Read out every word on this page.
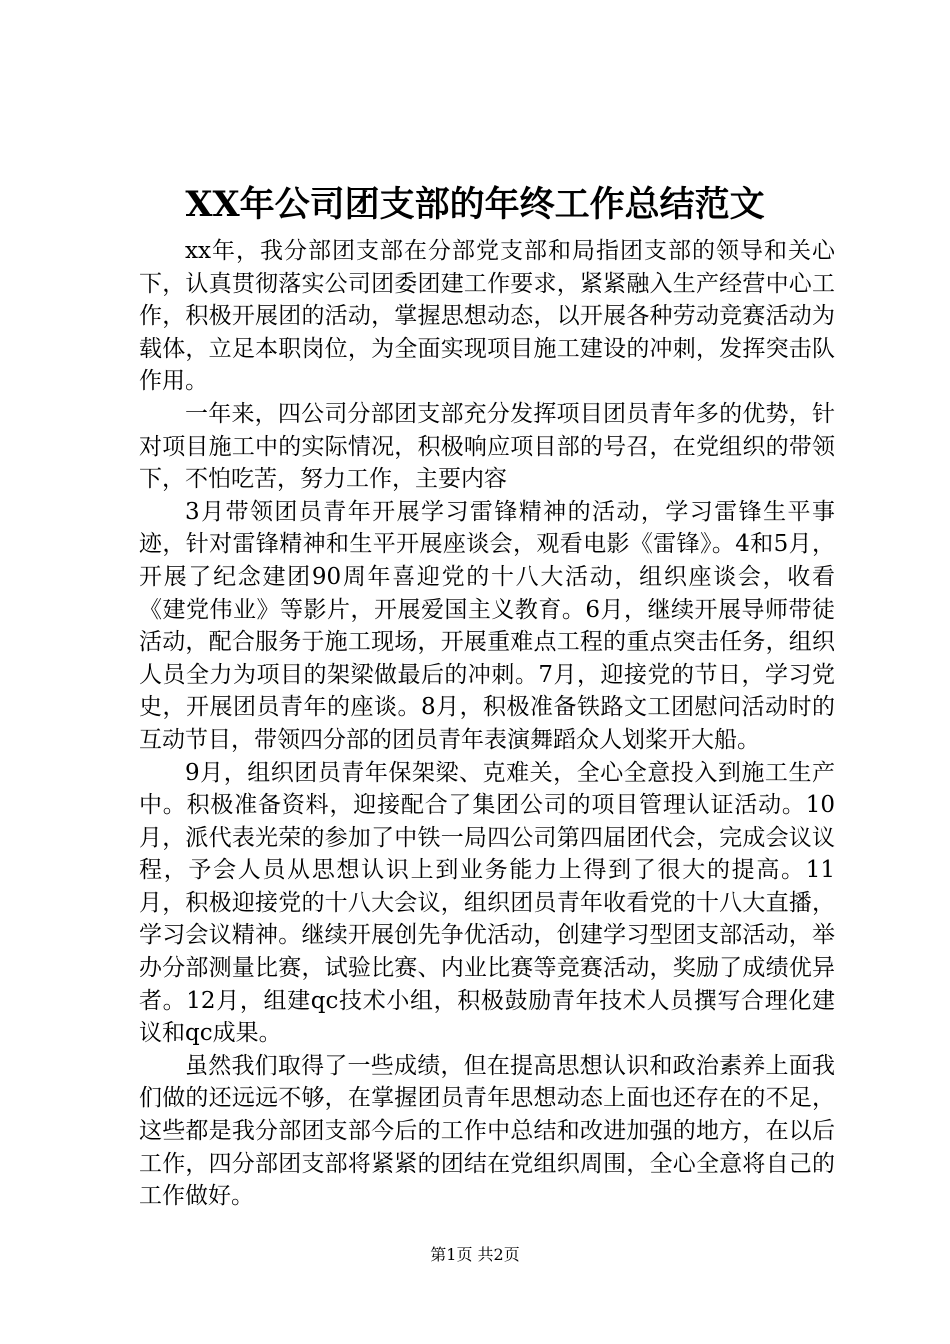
XX年公司团支部的年终工作总结范文

xx年，我分部团支部在分部党支部和局指团支部的领导和关心下，认真贯彻落实公司团委团建工作要求，紧紧融入生产经营中心工作，积极开展团的活动，掌握思想动态，以开展各种劳动竞赛活动为载体，立足本职岗位，为全面实现项目施工建设的冲刺，发挥突击队作用。

一年来，四公司分部团支部充分发挥项目团员青年多的优势，针对项目施工中的实际情况，积极响应项目部的号召，在党组织的带领下，不怕吃苦，努力工作，主要内容

3月带领团员青年开展学习雷锋精神的活动，学习雷锋生平事迹，针对雷锋精神和生平开展座谈会，观看电影《雷锋》。4和5月，开展了纪念建团90周年喜迎党的十八大活动，组织座谈会，收看《建党伟业》等影片，开展爱国主义教育。6月，继续开展导师带徒活动，配合服务于施工现场，开展重难点工程的重点突击任务，组织人员全力为项目的架梁做最后的冲刺。7月，迎接党的节日，学习党史，开展团员青年的座谈。8月，积极准备铁路文工团慰问活动时的互动节目，带领四分部的团员青年表演舞蹈众人划桨开大船。

9月，组织团员青年保架梁、克难关，全心全意投入到施工生产中。积极准备资料，迎接配合了集团公司的项目管理认证活动。10月，派代表光荣的参加了中铁一局四公司第四届团代会，完成会议议程，予会人员从思想认识上到业务能力上得到了很大的提高。11月，积极迎接党的十八大会议，组织团员青年收看党的十八大直播，学习会议精神。继续开展创先争优活动，创建学习型团支部活动，举办分部测量比赛，试验比赛、内业比赛等竞赛活动，奖励了成绩优异者。12月，组建qc技术小组，积极鼓励青年技术人员撰写合理化建议和qc成果。

虽然我们取得了一些成绩，但在提高思想认识和政治素养上面我们做的还远远不够，在掌握团员青年思想动态上面也还存在的不足，这些都是我分部团支部今后的工作中总结和改进加强的地方，在以后工作，四分部团支部将紧紧的团结在党组织周围，全心全意将自己的工作做好。

第1页 共2页
